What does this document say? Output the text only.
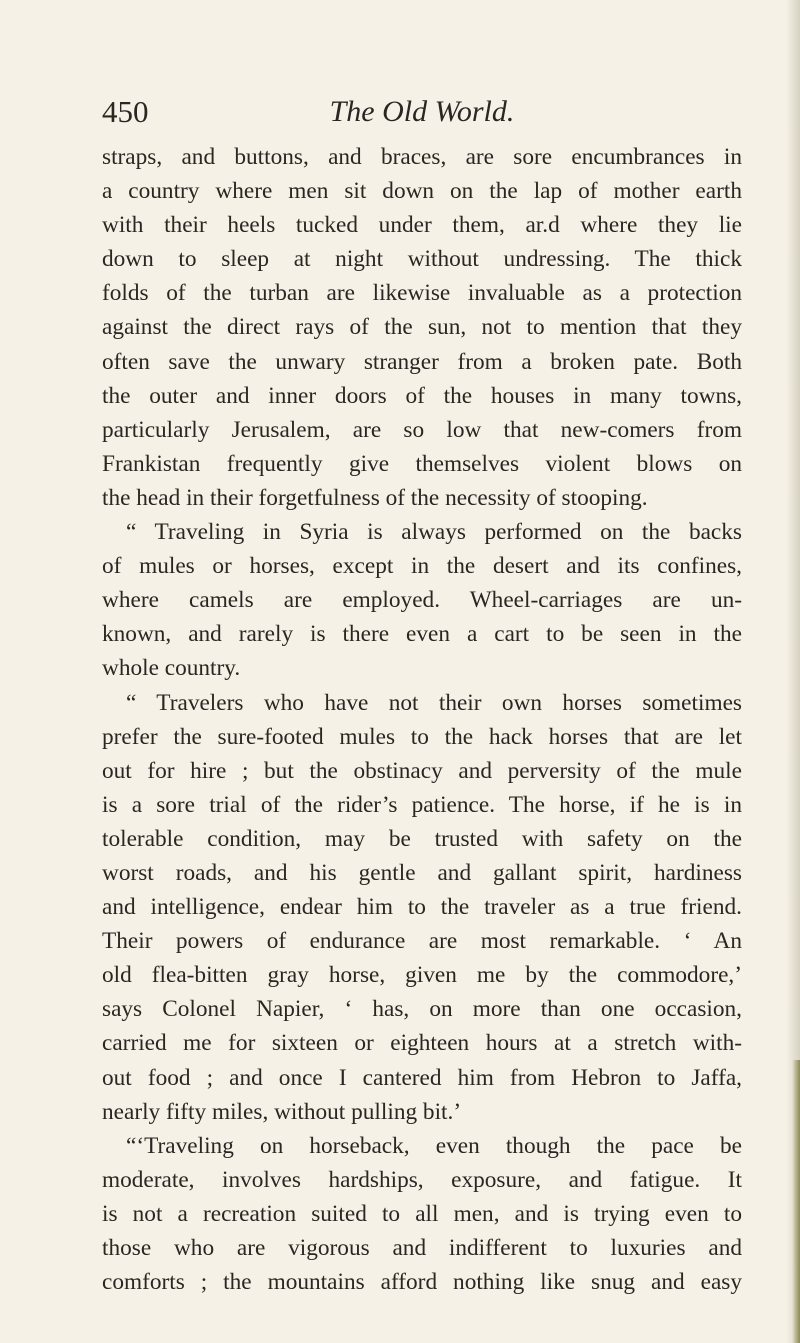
450	The Old World.
straps, and buttons, and braces, are sore encumbrances in
a country where men sit down on the lap of mother earth
with their heels tucked under them, ar.d where they lie
down to sleep at night without undressing. The thick
folds of the turban are likewise invaluable as a protection
against the direct rays of the sun, not to mention that they
often save the unwary stranger from a broken pate. Both
the outer and inner doors of the houses in many towns,
particularly Jerusalem, are so low that new-comers from
Frankistan frequently give themselves violent blows on
the head in their forgetfulness of the necessity of stooping.
“ Traveling in Syria is always performed on the backs
of mules or horses, except in the desert and its confines,
where camels are employed. Wheel-carriages are un-
known, and rarely is there even a cart to be seen in the
whole country.
“ Travelers who have not their own horses sometimes
prefer the sure-footed mules to the hack horses that are let
out for hire ; but the obstinacy and perversity of the mule
is a sore trial of the rider’s patience. The horse, if he is in
tolerable condition, may be trusted with safety on the
worst roads, and his gentle and gallant spirit, hardiness
and intelligence, endear him to the traveler as a true friend.
Their powers of endurance are most remarkable. ‘ An
old flea-bitten gray horse, given me by the commodore,’
says Colonel Napier, ‘ has, on more than one occasion,
carried me for sixteen or eighteen hours at a stretch with-
out food ; and once I cantered him from Hebron to Jaffa,
nearly fifty miles, without pulling bit.’
“‘Traveling on horseback, even though the pace be
moderate, involves hardships, exposure, and fatigue. It
is not a recreation suited to all men, and is trying even to
those who are vigorous and indifferent to luxuries and
comforts ; the mountains afford nothing like snug and easy
